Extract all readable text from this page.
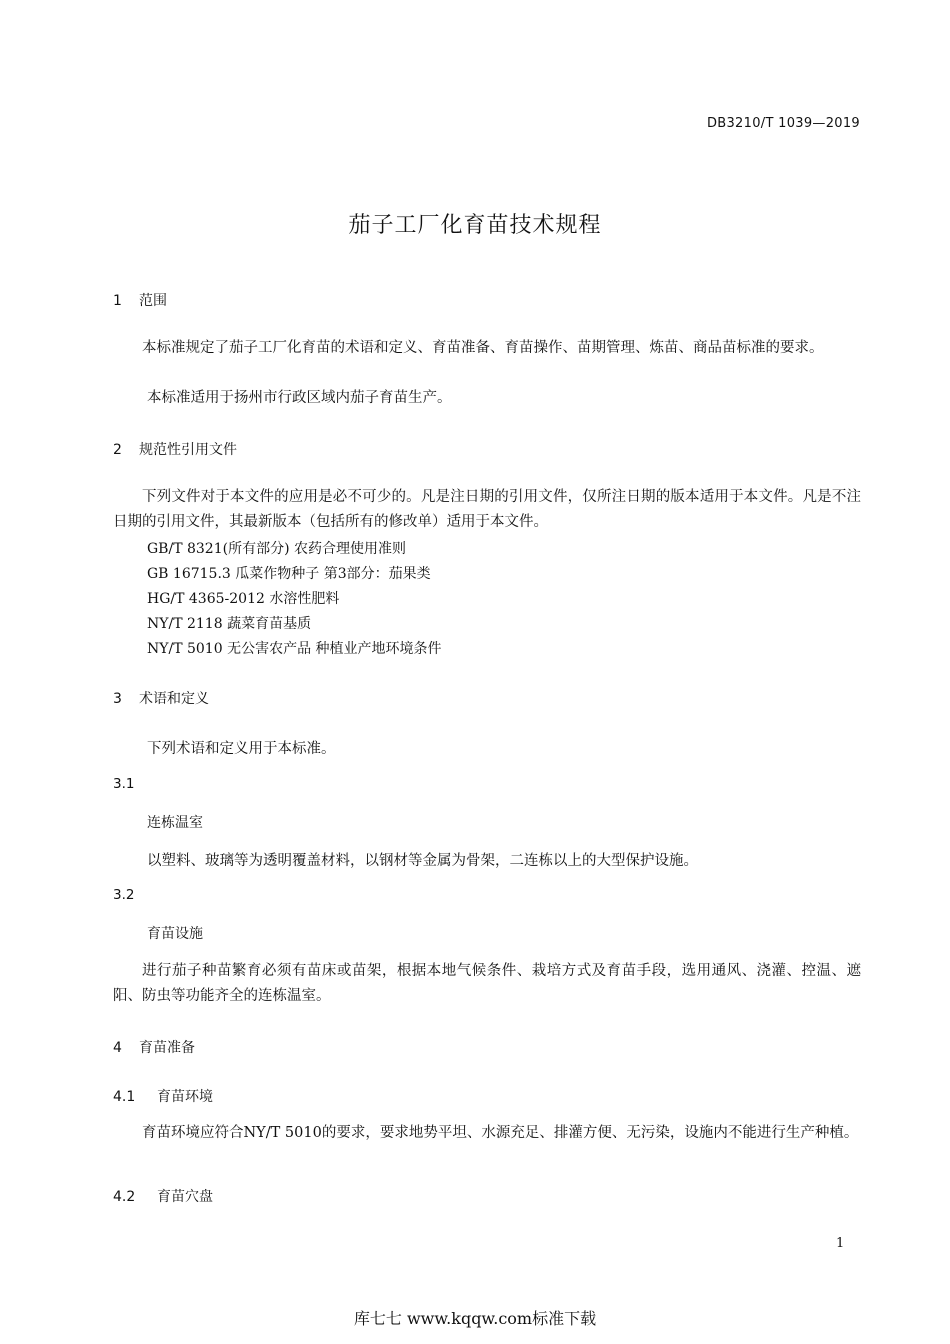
DB3210/T 1039—2019
茄子工厂化育苗技术规程
1 范围
本标准规定了茄子工厂化育苗的术语和定义、育苗准备、育苗操作、苗期管理、炼苗、商品苗标准的要求。
本标准适用于扬州市行政区域内茄子育苗生产。
2 规范性引用文件
下列文件对于本文件的应用是必不可少的。凡是注日期的引用文件，仅所注日期的版本适用于本文件。凡是不注日期的引用文件，其最新版本（包括所有的修改单）适用于本文件。
GB/T 8321(所有部分) 农药合理使用准则
GB 16715.3 瓜菜作物种子 第3部分：茄果类
HG/T 4365-2012 水溶性肥料
NY/T 2118 蔬菜育苗基质
NY/T 5010 无公害农产品 种植业产地环境条件
3 术语和定义
下列术语和定义用于本标准。
3.1
连栋温室
以塑料、玻璃等为透明覆盖材料，以钢材等金属为骨架，二连栋以上的大型保护设施。
3.2
育苗设施
进行茄子种苗繁育必须有苗床或苗架，根据本地气候条件、栽培方式及育苗手段，选用通风、浇灌、控温、遮阳、防虫等功能齐全的连栋温室。
4 育苗准备
4.1 育苗环境
育苗环境应符合NY/T 5010的要求，要求地势平坦、水源充足、排灌方便、无污染，设施内不能进行生产种植。
4.2 育苗穴盘
1
库七七 www.kqqw.com标准下载
